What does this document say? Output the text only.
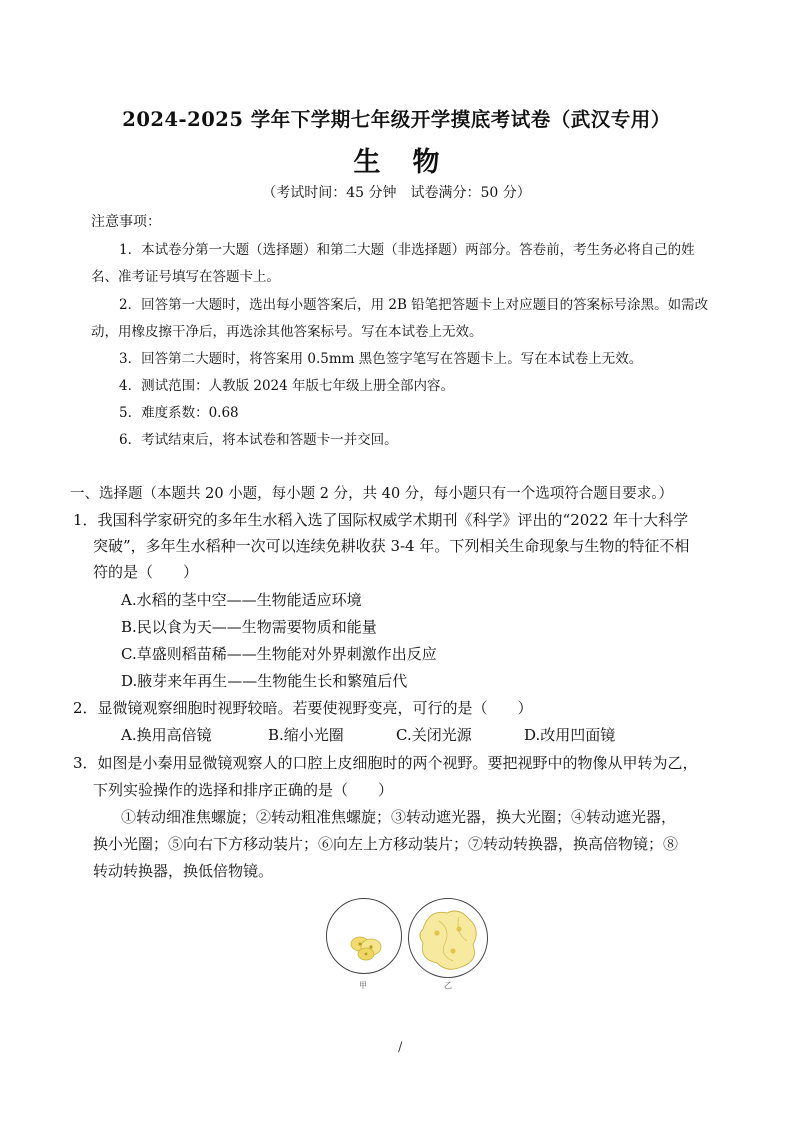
2024-2025 学年下学期七年级开学摸底考试卷（武汉专用）
生 物
（考试时间：45 分钟　试卷满分：50 分）
注意事项：
1．本试卷分第一大题（选择题）和第二大题（非选择题）两部分。答卷前，考生务必将自己的姓
名、准考证号填写在答题卡上。
2．回答第一大题时，选出每小题答案后，用 2B 铅笔把答题卡上对应题目的答案标号涂黑。如需改
动，用橡皮擦干净后，再选涂其他答案标号。写在本试卷上无效。
3．回答第二大题时，将答案用 0.5mm 黑色签字笔写在答题卡上。写在本试卷上无效。
4．测试范围：人教版 2024 年版七年级上册全部内容。
5．难度系数：0.68
6．考试结束后，将本试卷和答题卡一并交回。
一、选择题（本题共 20 小题，每小题 2 分，共 40 分，每小题只有一个选项符合题目要求。）
1．我国科学家研究的多年生水稻入选了国际权威学术期刊《科学》评出的“2022 年十大科学
突破”，多年生水稻种一次可以连续免耕收获 3-4 年。下列相关生命现象与生物的特征不相
符的是（　　）
A.水稻的茎中空——生物能适应环境
B.民以食为天——生物需要物质和能量
C.草盛则稻苗稀——生物能对外界刺激作出反应
D.腋芽来年再生——生物能生长和繁殖后代
2．显微镜观察细胞时视野较暗。若要使视野变亮，可行的是（　　）
A.换用高倍镜	B.缩小光圈	C.关闭光源	D.改用凹面镜
3．如图是小秦用显微镜观察人的口腔上皮细胞时的两个视野。要把视野中的物像从甲转为乙，
下列实验操作的选择和排序正确的是（　　）
①转动细准焦螺旋；②转动粗准焦螺旋；③转动遮光器，换大光圈；④转动遮光器，
换小光圈；⑤向右下方移动装片；⑥向左上方移动装片；⑦转动转换器，换高倍物镜；⑧
转动转换器，换低倍物镜。
甲	乙
/
